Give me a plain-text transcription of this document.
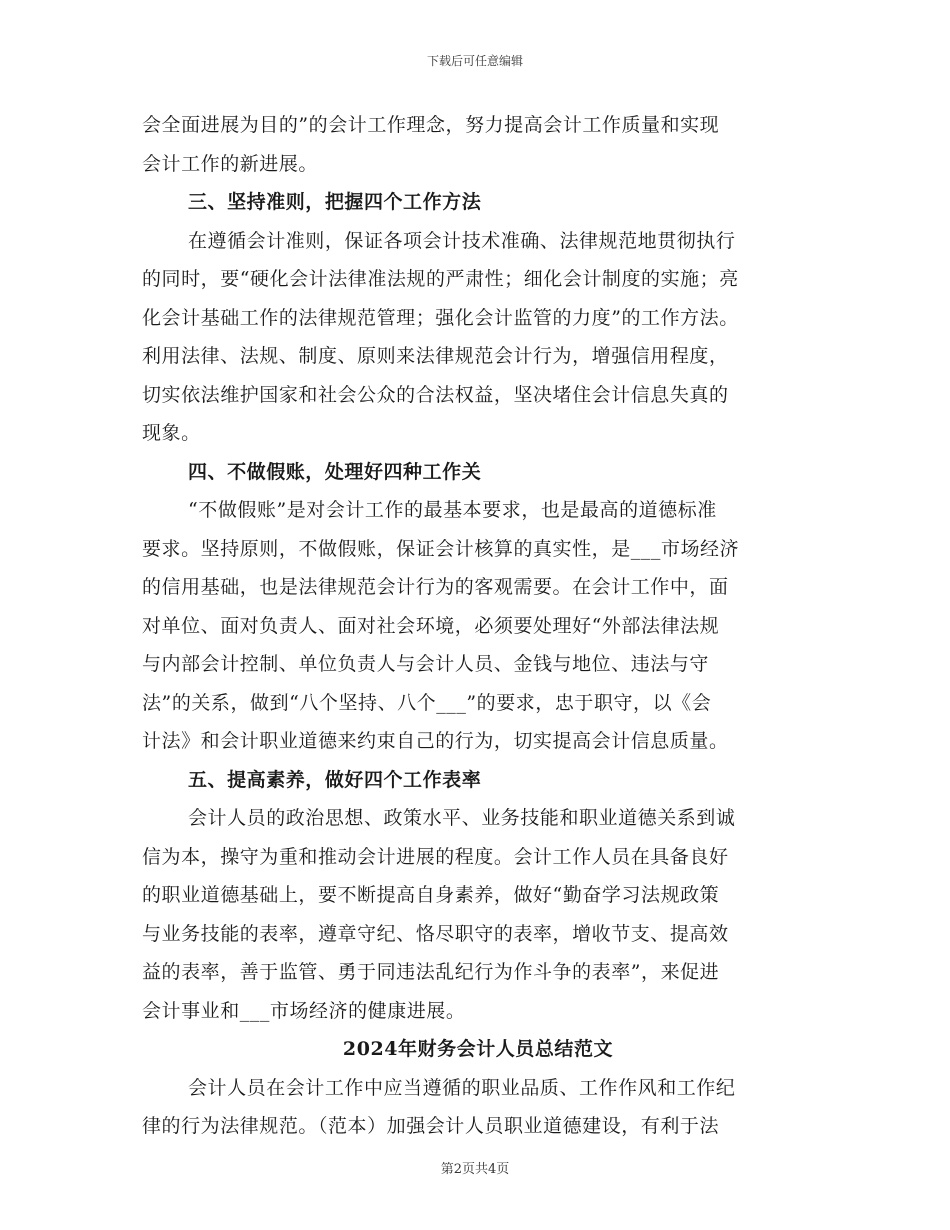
下载后可任意编辑
会全面进展为目的”的会计工作理念，努力提高会计工作质量和实现
会计工作的新进展。
三、坚持准则，把握四个工作方法
在遵循会计准则，保证各项会计技术准确、法律规范地贯彻执行
的同时，要“硬化会计法律准法规的严肃性；细化会计制度的实施；亮
化会计基础工作的法律规范管理；强化会计监管的力度”的工作方法。
利用法律、法规、制度、原则来法律规范会计行为，增强信用程度，
切实依法维护国家和社会公众的合法权益，坚决堵住会计信息失真的
现象。
四、不做假账，处理好四种工作关
“不做假账”是对会计工作的最基本要求，也是最高的道德标准
要求。坚持原则，不做假账，保证会计核算的真实性，是___市场经济
的信用基础，也是法律规范会计行为的客观需要。在会计工作中，面
对单位、面对负责人、面对社会环境，必须要处理好“外部法律法规
与内部会计控制、单位负责人与会计人员、金钱与地位、违法与守
法”的关系，做到“八个坚持、八个___”的要求，忠于职守，以《会
计法》和会计职业道德来约束自己的行为，切实提高会计信息质量。
五、提高素养，做好四个工作表率
会计人员的政治思想、政策水平、业务技能和职业道德关系到诚
信为本，操守为重和推动会计进展的程度。会计工作人员在具备良好
的职业道德基础上，要不断提高自身素养，做好“勤奋学习法规政策
与业务技能的表率，遵章守纪、恪尽职守的表率，增收节支、提高效
益的表率，善于监管、勇于同违法乱纪行为作斗争的表率”，来促进
会计事业和___市场经济的健康进展。
2024年财务会计人员总结范文
会计人员在会计工作中应当遵循的职业品质、工作作风和工作纪
律的行为法律规范。（范本）加强会计人员职业道德建设，有利于法
第2页共4页
